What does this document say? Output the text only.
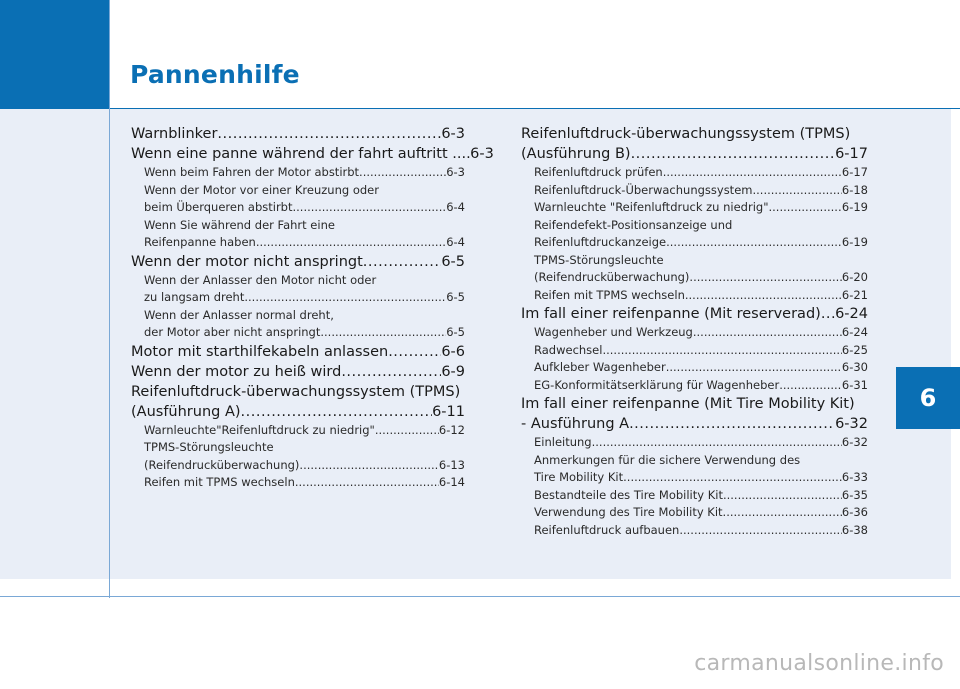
Pannenhilfe
Warnblinker .....	6-3
Wenn eine panne während der fahrt auftritt ... ..... 6-3
Wenn beim Fahren der Motor abstirbt .....	6-3
Wenn der Motor vor einer Kreuzung oder
beim Überqueren abstirbt .....	6-4
Wenn Sie während der Fahrt eine
Reifenpanne haben .....	6-4
Wenn der motor nicht anspringt .....	6-5
Wenn der Anlasser den Motor nicht oder
zu langsam dreht .....	6-5
Wenn der Anlasser normal dreht,
der Motor aber nicht anspringt .....	6-5
Motor mit starthilfekabeln anlassen .....	6-6
Wenn der motor zu heiß wird .....	6-9
Reifenluftdruck-überwachungssystem (TPMS)
(Ausführung A) .....	6-11
Warnleuchte"Reifenluftdruck zu niedrig" .....	6-12
TPMS-Störungsleuchte
(Reifendrucküberwachung) .....	6-13
Reifen mit TPMS wechseln .....	6-14
Reifenluftdruck-überwachungssystem (TPMS)
(Ausführung B) .....	6-17
Reifenluftdruck prüfen .....	6-17
Reifenluftdruck-Überwachungssystem .....	6-18
Warnleuchte "Reifenluftdruck zu niedrig" .....	6-19
Reifendefekt-Positionsanzeige und
Reifenluftdruckanzeige .....	6-19
TPMS-Störungsleuchte
(Reifendrucküberwachung) .....	6-20
Reifen mit TPMS wechseln .....	6-21
Im fall einer reifenpanne (Mit reserverad) ..... 6-24
Wagenheber und Werkzeug .....	6-24
Radwechsel .....	6-25
Aufkleber Wagenheber .....	6-30
EG-Konformitätserklärung für Wagenheber .....	6-31
Im fall einer reifenpanne (Mit Tire Mobility Kit)
- Ausführung A .....	6-32
Einleitung .....	6-32
Anmerkungen für die sichere Verwendung des
Tire Mobility Kit .....	6-33
Bestandteile des Tire Mobility Kit .....	6-35
Verwendung des Tire Mobility Kit .....	6-36
Reifenluftdruck aufbauen .....	6-38
6
carmanualsonline.info
